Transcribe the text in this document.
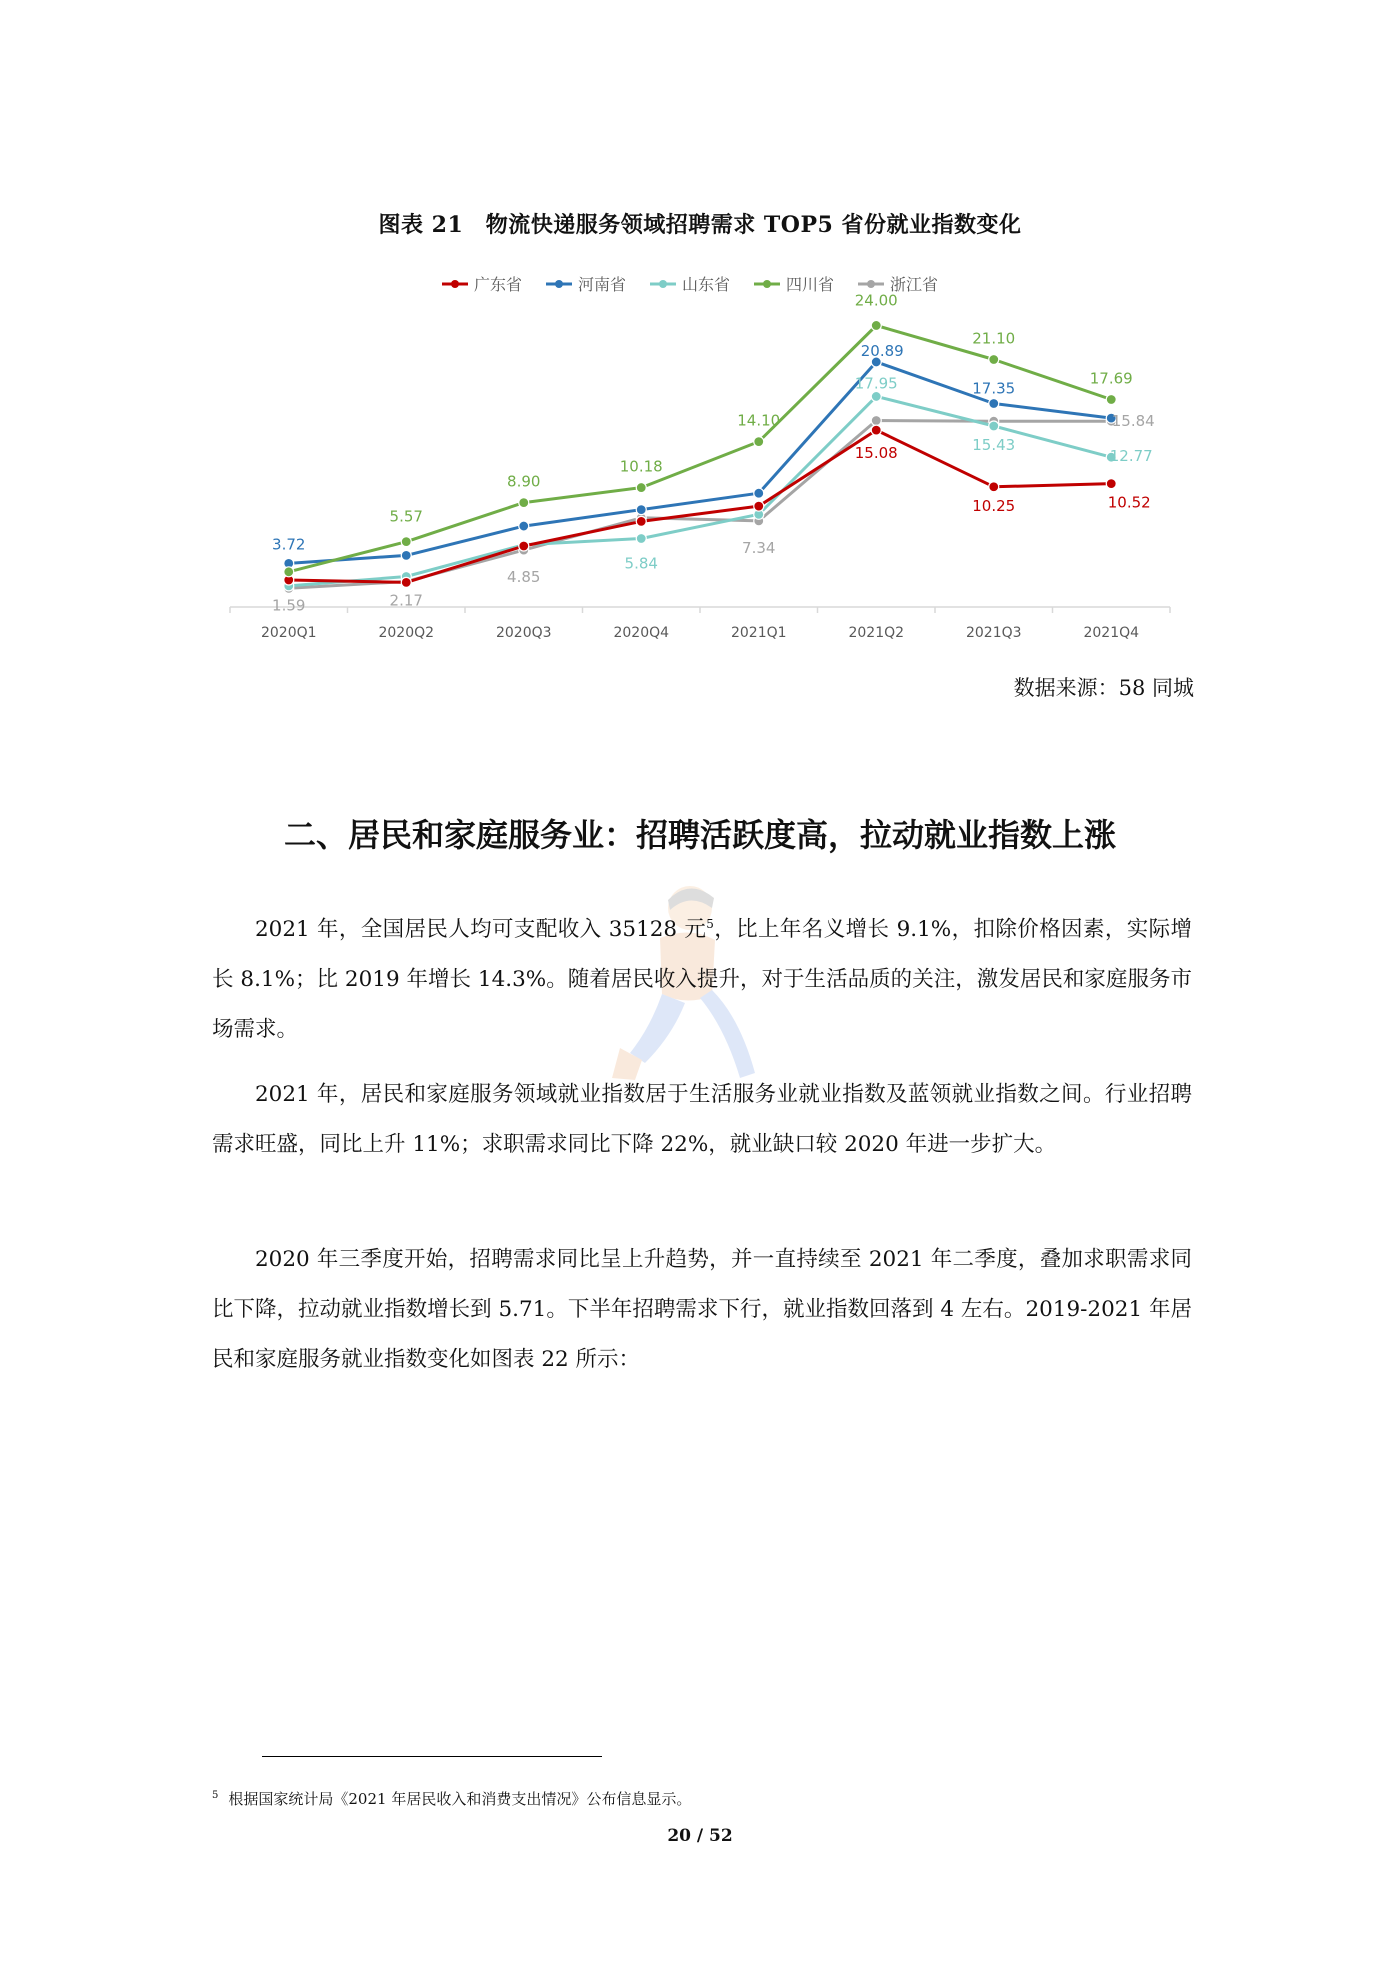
图表 21　物流快递服务领域招聘需求 TOP5 省份就业指数变化
广东省	河南省	山东省	四川省	浙江省
2020Q1	2020Q2	2020Q3	2020Q4	2021Q1	2021Q2	2021Q3	2021Q4
15.08
10.25	10.52
3.72
20.89
17.35
5.84
17.95
15.43
12.77
5.57
8.90
10.18
14.10
24.00
21.10
17.69
1.59	2.17
4.85
7.34
15.84
数据来源：58 同城
二、居民和家庭服务业：招聘活跃度高，拉动就业指数上涨

2021 年，全国居民人均可支配收入 35128 元$^5$，比上年名义增长 9.1%，扣除价格因素，实际增长 8.1%；比 2019 年增长 14.3%。随着居民收入提升，对于生活品质的关注，激发居民和家庭服务市场需求。

2021 年，居民和家庭服务领域就业指数居于生活服务业就业指数及蓝领就业指数之间。行业招聘需求旺盛，同比上升 11%；求职需求同比下降 22%，就业缺口较 2020 年进一步扩大。

2020 年三季度开始，招聘需求同比呈上升趋势，并一直持续至 2021 年二季度，叠加求职需求同比下降，拉动就业指数增长到 5.71。下半年招聘需求下行，就业指数回落到 4 左右。2019-2021 年居民和家庭服务就业指数变化如图表 22 所示：

$^5$ 根据国家统计局《2021 年居民收入和消费支出情况》公布信息显示。
20 / 52
